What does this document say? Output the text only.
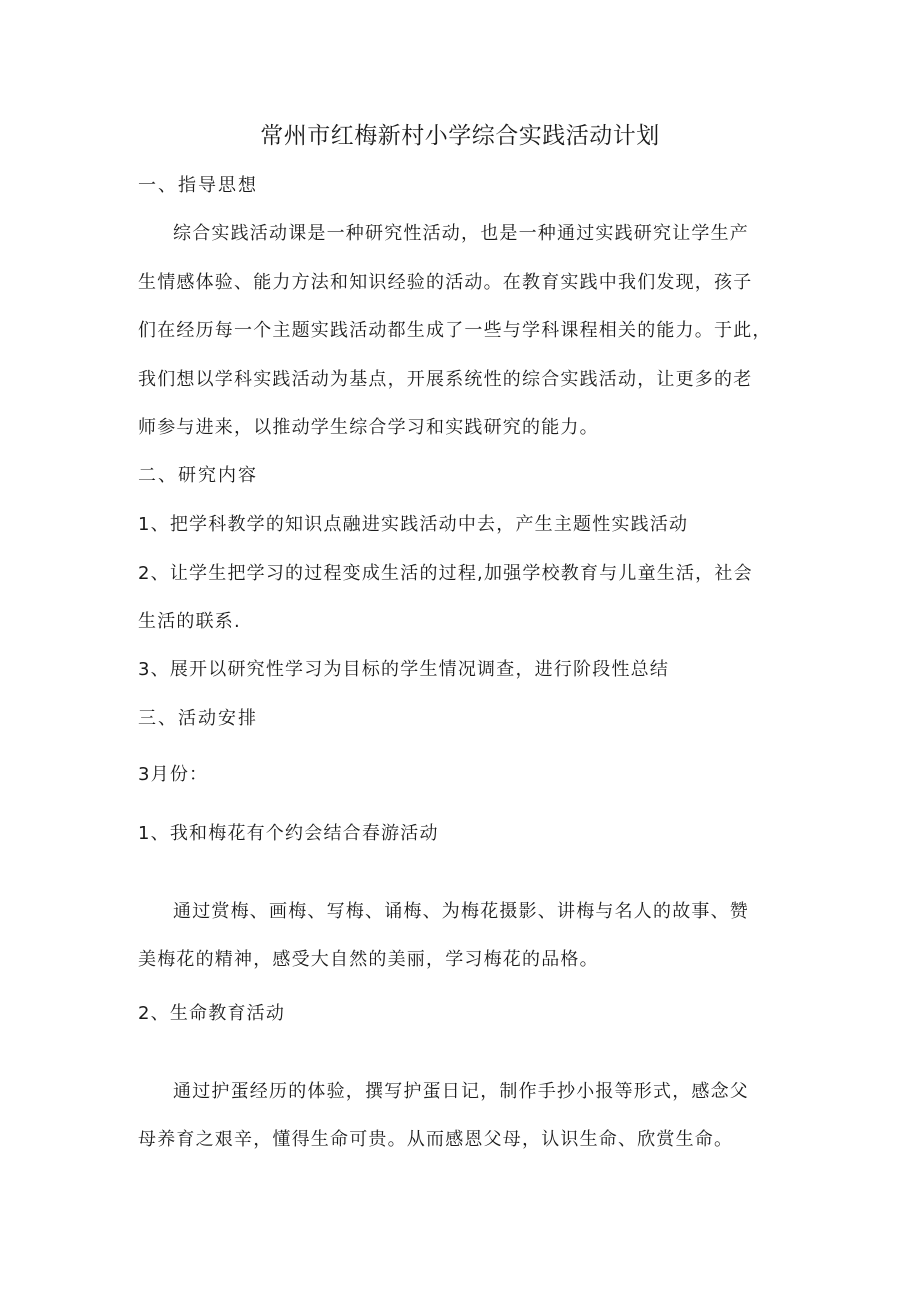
常州市红梅新村小学综合实践活动计划

一、指导思想

综合实践活动课是一种研究性活动，也是一种通过实践研究让学生产

生情感体验、能力方法和知识经验的活动。在教育实践中我们发现，孩子

们在经历每一个主题实践活动都生成了一些与学科课程相关的能力。于此，

我们想以学科实践活动为基点，开展系统性的综合实践活动，让更多的老

师参与进来，以推动学生综合学习和实践研究的能力。

二、研究内容

1、把学科教学的知识点融进实践活动中去，产生主题性实践活动

2、让学生把学习的过程变成生活的过程,加强学校教育与儿童生活，社会

生活的联系.

3、展开以研究性学习为目标的学生情况调查，进行阶段性总结

三、活动安排

3月份：

1、我和梅花有个约会结合春游活动

通过赏梅、画梅、写梅、诵梅、为梅花摄影、讲梅与名人的故事、赞

美梅花的精神，感受大自然的美丽，学习梅花的品格。

2、生命教育活动

通过护蛋经历的体验，撰写护蛋日记，制作手抄小报等形式，感念父

母养育之艰辛，懂得生命可贵。从而感恩父母，认识生命、欣赏生命。
